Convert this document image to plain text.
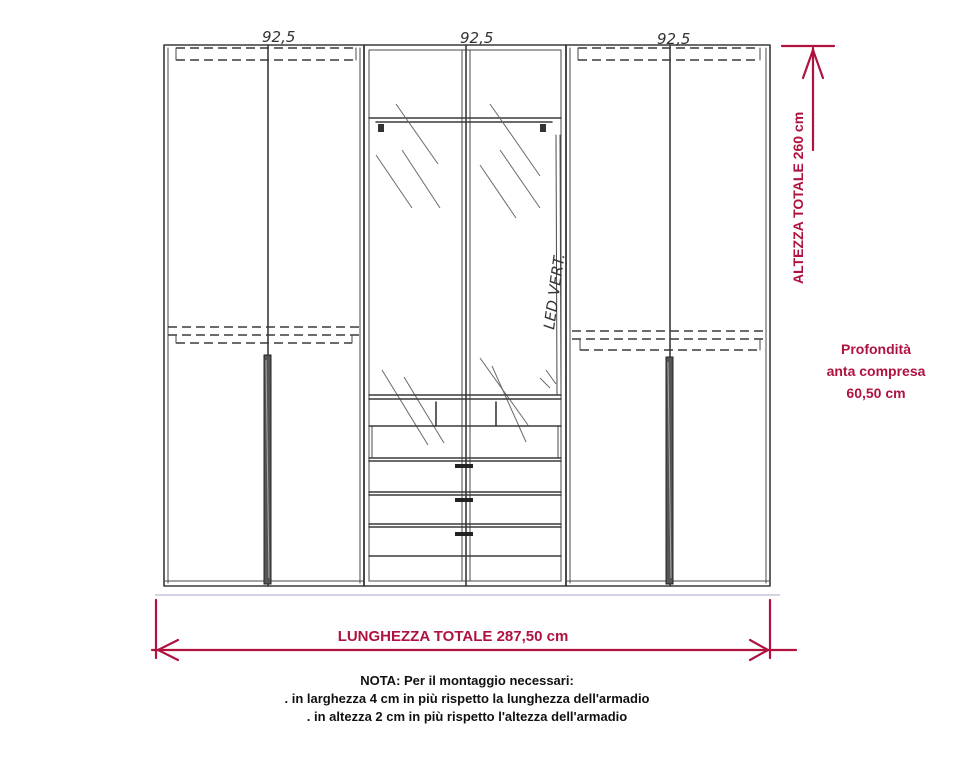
92,5	92,5	92,5
LED VERT.
ALTEZZA TOTALE 260 cm
Profondità
anta compresa
60,50 cm
LUNGHEZZA TOTALE 287,50 cm
NOTA: Per il montaggio necessari:
. in larghezza 4 cm in più rispetto la lunghezza dell'armadio
. in altezza 2 cm in più rispetto l'altezza dell'armadio
